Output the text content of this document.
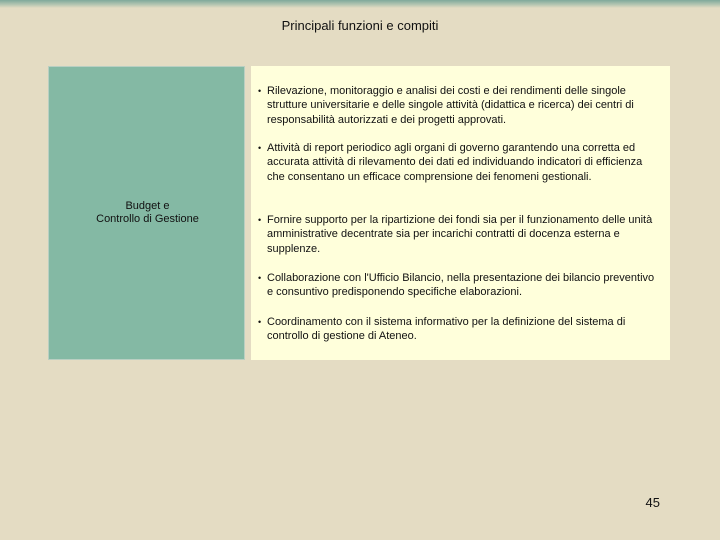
Principali funzioni e compiti
Budget e
Controllo di Gestione
• Rilevazione, monitoraggio e analisi dei costi e dei rendimenti delle singole strutture universitarie e delle singole attività (didattica e ricerca) dei centri di responsabilità autorizzati e dei progetti approvati.
• Attività di report periodico agli organi di governo garantendo una corretta ed accurata attività di rilevamento dei dati ed individuando indicatori di efficienza che consentano un efficace comprensione dei fenomeni gestionali.
• Fornire supporto per la ripartizione dei fondi sia per il funzionamento delle unità amministrative decentrate sia per incarichi contratti di docenza esterna e supplenze.
• Collaborazione con l'Ufficio Bilancio, nella presentazione dei bilancio preventivo e consuntivo predisponendo specifiche elaborazioni.
• Coordinamento con il sistema informativo per la definizione del sistema di controllo di gestione di Ateneo.
45
